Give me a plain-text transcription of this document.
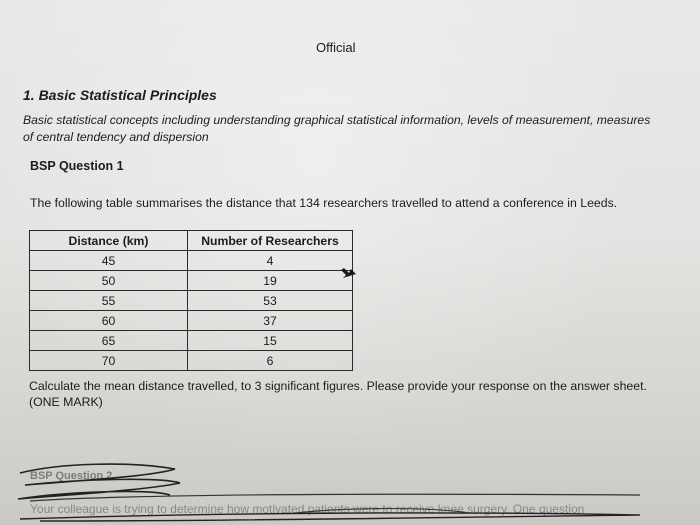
Official
1. Basic Statistical Principles
Basic statistical concepts including understanding graphical statistical information, levels of measurement, measures of central tendency and dispersion
BSP Question 1
The following table summarises the distance that 134 researchers travelled to attend a conference in Leeds.
Distance (km)	Number of Researchers
45	4
50	19
55	53
60	37
65	15
70	6
Calculate the mean distance travelled, to 3 significant figures. Please provide your response on the answer sheet. (ONE MARK)
BSP Question 2
Your colleague is trying to determine how motivated patients were to receive knee surgery. One question
